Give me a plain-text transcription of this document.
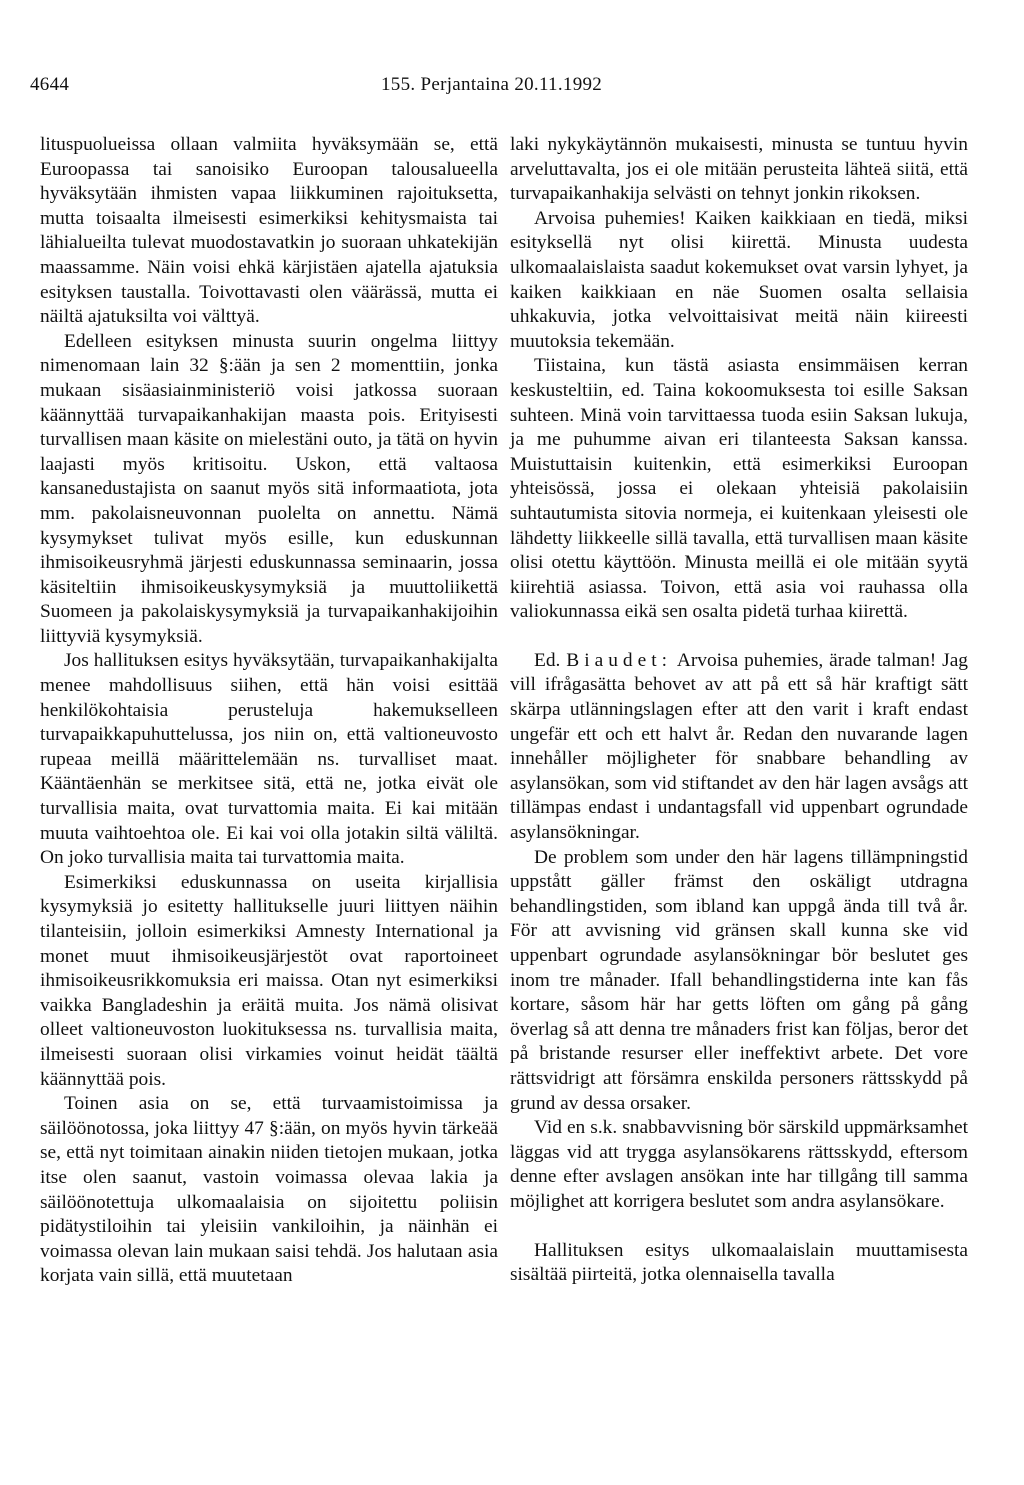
4644	155. Perjantaina 20.11.1992

lituspuolueissa ollaan valmiita hyväksymään se, että Euroopassa tai sanoisiko Euroopan talousalueella hyväksytään ihmisten vapaa liikkuminen rajoituksetta, mutta toisaalta ilmeisesti esimerkiksi kehitysmaista tai lähialueilta tulevat muodostavatkin jo suoraan uhkatekijän maassamme. Näin voisi ehkä kärjistäen ajatella ajatuksia esityksen taustalla. Toivottavasti olen väärässä, mutta ei näiltä ajatuksilta voi välttyä.

Edelleen esityksen minusta suurin ongelma liittyy nimenomaan lain 32 §:ään ja sen 2 momenttiin, jonka mukaan sisäasiainministeriö voisi jatkossa suoraan käännyttää turvapaikanhakijan maasta pois. Erityisesti turvallisen maan käsite on mielestäni outo, ja tätä on hyvin laajasti myös kritisoitu. Uskon, että valtaosa kansanedustajista on saanut myös sitä informaatiota, jota mm. pakolaisneuvonnan puolelta on annettu. Nämä kysymykset tulivat myös esille, kun eduskunnan ihmisoikeusryhmä järjesti eduskunnassa seminaarin, jossa käsiteltiin ihmisoikeuskysymyksiä ja muuttoliikettä Suomeen ja pakolaiskysymyksiä ja turvapaikanhakijoihin liittyviä kysymyksiä.

Jos hallituksen esitys hyväksytään, turvapaikanhakijalta menee mahdollisuus siihen, että hän voisi esittää henkilökohtaisia perusteluja hakemukselleen turvapaikkapuhuttelussa, jos niin on, että valtioneuvosto rupeaa meillä määrittelemään ns. turvalliset maat. Kääntäenhän se merkitsee sitä, että ne, jotka eivät ole turvallisia maita, ovat turvattomia maita. Ei kai mitään muuta vaihtoehtoa ole. Ei kai voi olla jotakin siltä väliltä. On joko turvallisia maita tai turvattomia maita.

Esimerkiksi eduskunnassa on useita kirjallisia kysymyksiä jo esitetty hallitukselle juuri liittyen näihin tilanteisiin, jolloin esimerkiksi Amnesty International ja monet muut ihmisoikeusjärjestöt ovat raportoineet ihmisoikeusrikkomuksia eri maissa. Otan nyt esimerkiksi vaikka Bangladeshin ja eräitä muita. Jos nämä olisivat olleet valtioneuvoston luokituksessa ns. turvallisia maita, ilmeisesti suoraan olisi virkamies voinut heidät täältä käännyttää pois.

Toinen asia on se, että turvaamistoimissa ja säilöönotossa, joka liittyy 47 §:ään, on myös hyvin tärkeää se, että nyt toimitaan ainakin niiden tietojen mukaan, jotka itse olen saanut, vastoin voimassa olevaa lakia ja säilöönotettuja ulkomaalaisia on sijoitettu poliisin pidätystiloihin tai yleisiin vankiloihin, ja näinhän ei voimassa olevan lain mukaan saisi tehdä. Jos halutaan asia korjata vain sillä, että muutetaan

laki nykykäytännön mukaisesti, minusta se tuntuu hyvin arveluttavalta, jos ei ole mitään perusteita lähteä siitä, että turvapaikanhakija selvästi on tehnyt jonkin rikoksen.

Arvoisa puhemies! Kaiken kaikkiaan en tiedä, miksi esityksellä nyt olisi kiirettä. Minusta uudesta ulkomaalaislaista saadut kokemukset ovat varsin lyhyet, ja kaiken kaikkiaan en näe Suomen osalta sellaisia uhkakuvia, jotka velvoittaisivat meitä näin kiireesti muutoksia tekemään.

Tiistaina, kun tästä asiasta ensimmäisen kerran keskusteltiin, ed. Taina kokoomuksesta toi esille Saksan suhteen. Minä voin tarvittaessa tuoda esiin Saksan lukuja, ja me puhumme aivan eri tilanteesta Saksan kanssa. Muistuttaisin kuitenkin, että esimerkiksi Euroopan yhteisössä, jossa ei olekaan yhteisiä pakolaisiin suhtautumista sitovia normeja, ei kuitenkaan yleisesti ole lähdetty liikkeelle sillä tavalla, että turvallisen maan käsite olisi otettu käyttöön. Minusta meillä ei ole mitään syytä kiirehtiä asiassa. Toivon, että asia voi rauhassa olla valiokunnassa eikä sen osalta pidetä turhaa kiirettä.

Ed. Biaudet: Arvoisa puhemies, ärade talman! Jag vill ifrågasätta behovet av att på ett så här kraftigt sätt skärpa utlänningslagen efter att den varit i kraft endast ungefär ett och ett halvt år. Redan den nuvarande lagen innehåller möjligheter för snabbare behandling av asylansökan, som vid stiftandet av den här lagen avsågs att tillämpas endast i undantagsfall vid uppenbart ogrundade asylansökningar.

De problem som under den här lagens tillämpningstid uppstått gäller främst den oskäligt utdragna behandlingstiden, som ibland kan uppgå ända till två år. För att avvisning vid gränsen skall kunna ske vid uppenbart ogrundade asylansökningar bör beslutet ges inom tre månader. Ifall behandlingstiderna inte kan fås kortare, såsom här har getts löften om gång på gång överlag så att denna tre månaders frist kan följas, beror det på bristande resurser eller ineffektivt arbete. Det vore rättsvidrigt att försämra enskilda personers rättsskydd på grund av dessa orsaker.

Vid en s.k. snabbavvisning bör särskild uppmärksamhet läggas vid att trygga asylansökarens rättsskydd, eftersom denne efter avslagen ansökan inte har tillgång till samma möjlighet att korrigera beslutet som andra asylansökare.

Hallituksen esitys ulkomaalaislain muuttamisesta sisältää piirteitä, jotka olennaisella tavalla
